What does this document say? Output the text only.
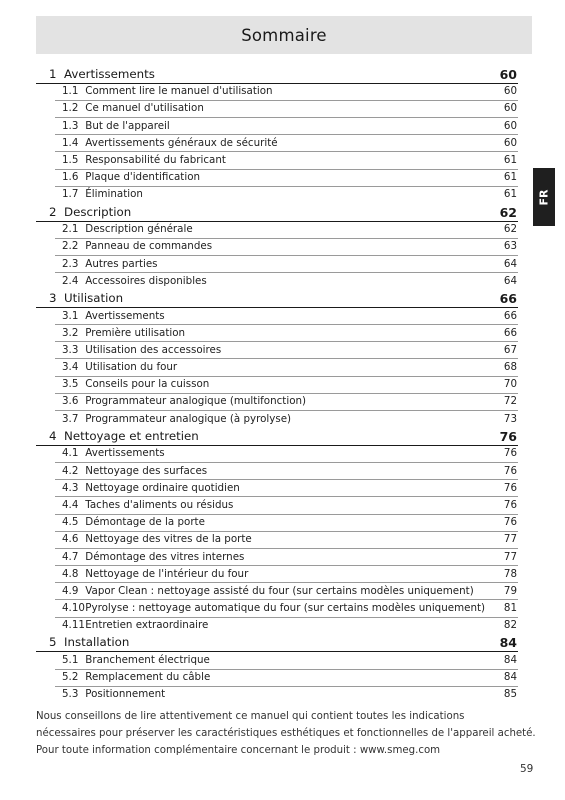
Sommaire
1 Avertissements	60
1.1 Comment lire le manuel d'utilisation	60
1.2 Ce manuel d'utilisation	60
1.3 But de l'appareil	60
1.4 Avertissements généraux de sécurité	60
1.5 Responsabilité du fabricant	61
1.6 Plaque d'identification	61
1.7 Élimination	61
2 Description	62
2.1 Description générale	62
2.2 Panneau de commandes	63
2.3 Autres parties	64
2.4 Accessoires disponibles	64
3 Utilisation	66
3.1 Avertissements	66
3.2 Première utilisation	66
3.3 Utilisation des accessoires	67
3.4 Utilisation du four	68
3.5 Conseils pour la cuisson	70
3.6 Programmateur analogique (multifonction)	72
3.7 Programmateur analogique (à pyrolyse)	73
4 Nettoyage et entretien	76
4.1 Avertissements	76
4.2 Nettoyage des surfaces	76
4.3 Nettoyage ordinaire quotidien	76
4.4 Taches d'aliments ou résidus	76
4.5 Démontage de la porte	76
4.6 Nettoyage des vitres de la porte	77
4.7 Démontage des vitres internes	77
4.8 Nettoyage de l'intérieur du four	78
4.9 Vapor Clean : nettoyage assisté du four (sur certains modèles uniquement)	79
4.10 Pyrolyse : nettoyage automatique du four (sur certains modèles uniquement) 81
4.11 Entretien extraordinaire	82
5 Installation	84
5.1 Branchement électrique	84
5.2 Remplacement du câble	84
5.3 Positionnement	85
FR

Nous conseillons de lire attentivement ce manuel qui contient toutes les indications

nécessaires pour préserver les caractéristiques esthétiques et fonctionnelles de l'appareil acheté.

Pour toute information complémentaire concernant le produit : www.smeg.com

59
